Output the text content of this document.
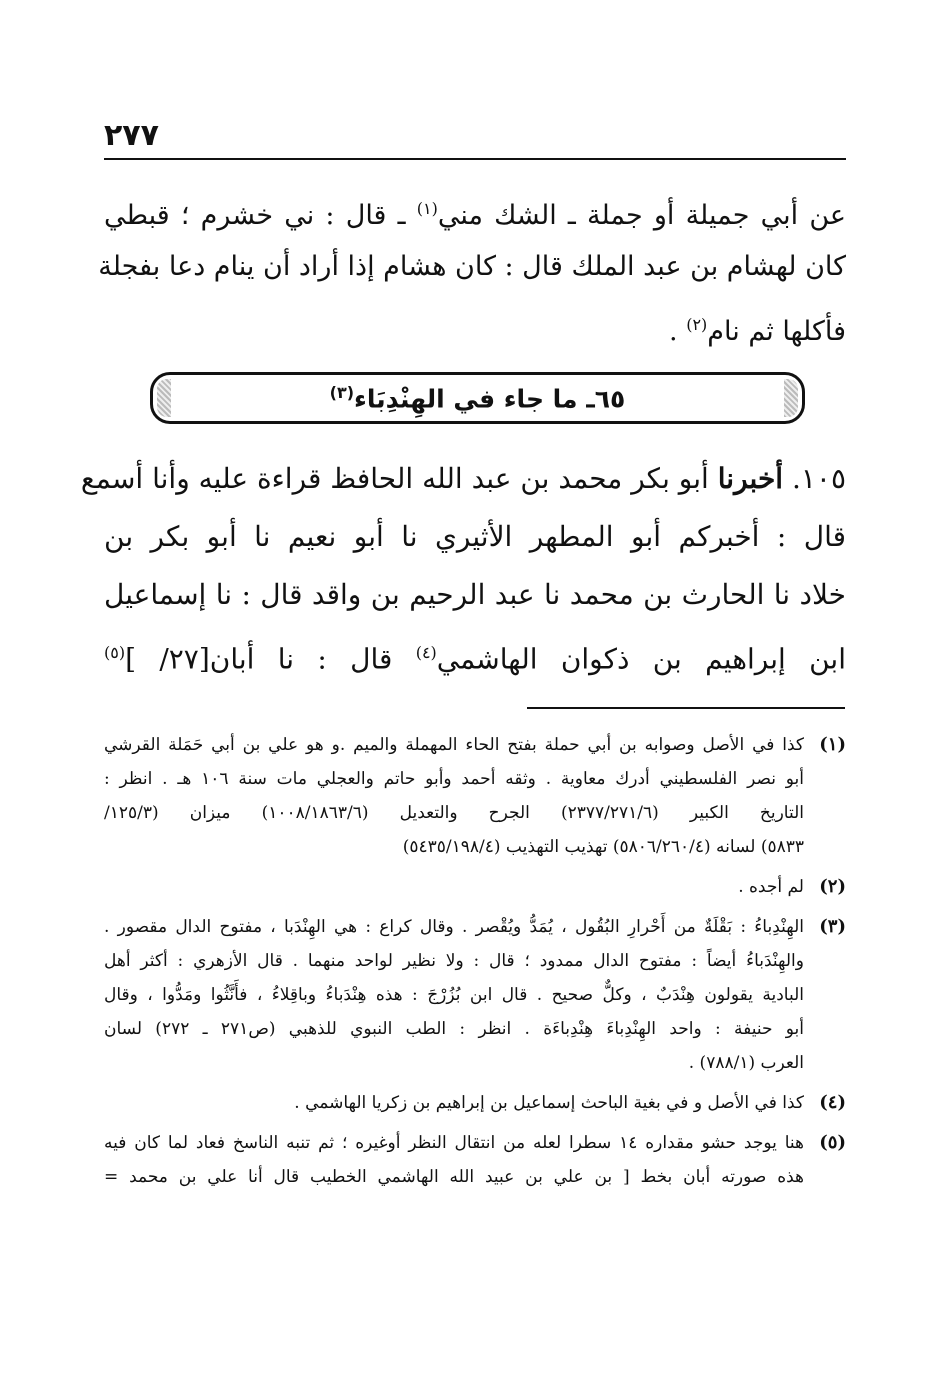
٢٧٧
عن أبي جميلة أو جملة ـ الشك مني$^{(١)}$ ـ قال : ني خشرم ؛ قبطي
كان لهشام بن عبد الملك قال : كان هشام إذا أراد أن ينام دعا بفجلة
فأكلها ثم نام$^{(٢)}$ .
٦٥ـ ما جاء في الهِنْدِبَاء$^{(٣)}$
١٠٥. أخبرنا أبو بكر محمد بن عبد الله الحافظ قراءة عليه وأنا أسمع
قال : أخبركم أبو المطهر الأثيري نا أبو نعيم نا أبو بكر بن
خلاد نا الحارث بن محمد نا عبد الرحيم بن واقد قال : نا إسماعيل
ابن إبراهيم بن ذكوان الهاشمي$^{(٤)}$ قال : نا أبان[٢٧/ ]$^{(٥)}$
(١)
كذا في الأصل وصوابه بن أبي حملة بفتح الحاء المهملة والميم .و هو علي بن أبي حَمَلة القرشي
أبو نصر الفلسطيني أدرك معاوية . وثقه أحمد وأبو حاتم والعجلي مات سنة ١٠٦ هـ . انظر :
التاريخ الكبير (٢٣٧٧/٢٧١/٦) الجرح والتعديل (١٠٠٨/١٨٦٣/٦) ميزان (١٢٥/٣/
٥٨٣٣) لسانه (٥٨٠٦/٢٦٠/٤) تهذيب التهذيب (٥٤٣٥/١٩٨/٤)
(٢)
لم أجده .
(٣)
الهِنْدِباءُ : بَقْلَةٌ من أَحْرارِ البُقُول ، يُمَدُّ ويُقْصر . وقال كراع : هي الهِنْدَبا ، مفتوح الدال مقصور .
والهِنْدَباءُ أيضاً : مفتوح الدال ممدود ؛ قال : ولا نظير لواحد منهما . قال الأزهري : أكثر أهل
البادية يقولون هِنْدَبٌ ، وكلٌّ صحيح . قال ابن بُزُرْجَ : هذه هِنْدَباءُ وباقِلاءُ ، فأَنَّثُوا ومَدُّوا ، وقال
أبو حنيفة : واحد الهِنْدِباءَ هِنْدِباءَة . انظر : الطب النبوي للذهبي (ص٢٧١ ـ ٢٧٢) لسان
العرب (٧٨٨/١) .
(٤)
كذا في الأصل و في بغية الباحث إسماعيل بن إبراهيم بن زكريا الهاشمي .
(٥)
هنا يوجد حشو مقداره ١٤ سطرا لعله من انتقال النظر أوغيره ؛ ثم تنبه الناسخ فعاد لما كان فيه
هذه صورته أبان بخط [ بن علي بن عبيد الله الهاشمي الخطيب قال أنا علي بن محمد =
